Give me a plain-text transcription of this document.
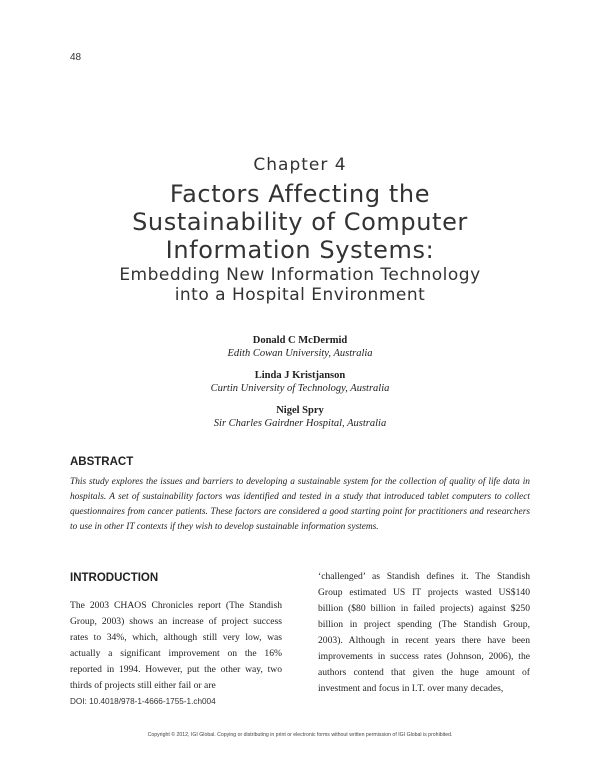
48
Chapter 4
Factors Affecting the
Sustainability of Computer
Information Systems:
Embedding New Information Technology
into a Hospital Environment
Donald C McDermid
Edith Cowan University, Australia
Linda J Kristjanson
Curtin University of Technology, Australia
Nigel Spry
Sir Charles Gairdner Hospital, Australia
ABSTRACT
This study explores the issues and barriers to developing a sustainable system for the collection of quality of life data in hospitals. A set of sustainability factors was identified and tested in a study that introduced tablet computers to collect questionnaires from cancer patients. These factors are considered a good starting point for practitioners and researchers to use in other IT contexts if they wish to develop sustainable information systems.
INTRODUCTION
The 2003 CHAOS Chronicles report (The Standish Group, 2003) shows an increase of project success rates to 34%, which, although still very low, was actually a significant improvement on the 16% reported in 1994. However, put the other way, two thirds of projects still either fail or are
‘challenged’ as Standish defines it. The Standish Group estimated US IT projects wasted US$140 billion ($80 billion in failed projects) against $250 billion in project spending (The Standish Group, 2003). Although in recent years there have been improvements in success rates (Johnson, 2006), the authors contend that given the huge amount of investment and focus in I.T. over many decades,
DOI: 10.4018/978-1-4666-1755-1.ch004
Copyright © 2012, IGI Global. Copying or distributing in print or electronic forms without written permission of IGI Global is prohibited.
